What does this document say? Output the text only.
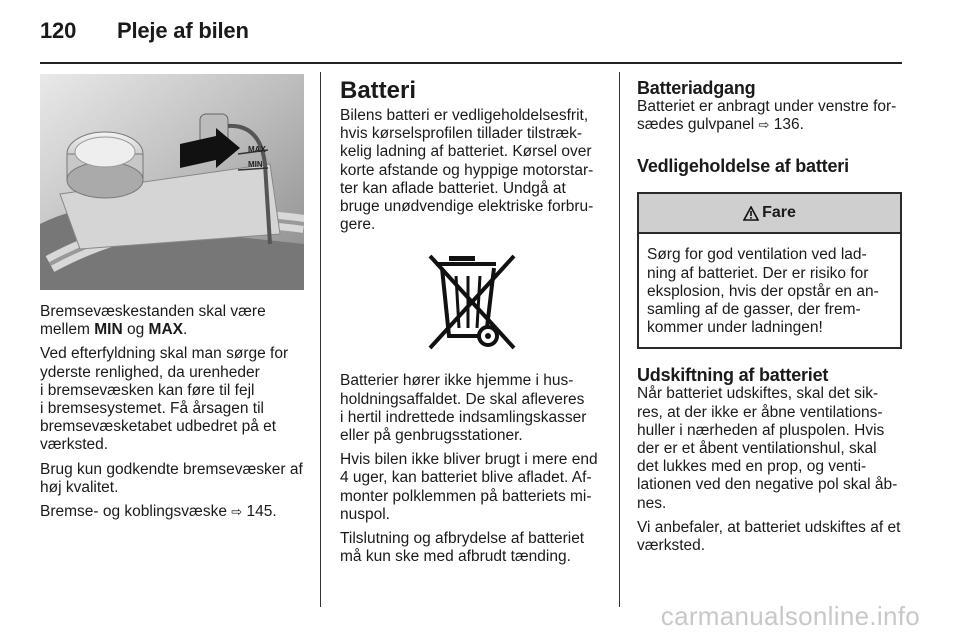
120 Pleje af bilen
MAX
MIN

Bremsevæskestanden skal være mellem MIN og MAX.

Ved efterfyldning skal man sørge for
yderste renlighed, da urenheder
i bremsevæsken kan føre til fejl
i bremsesystemet. Få årsagen til
bremsevæsketabet udbedret på et
værksted.

Brug kun godkendte bremsevæsker af høj kvalitet.

Bremse- og koblingsvæske ⇨ 145.

Batteri

Bilens batteri er vedligeholdelsesfrit, hvis kørselsprofilen tillader tilstræk-kelig ladning af batteriet. Kørsel over korte afstande og hyppige motorstar-ter kan aflade batteriet. Undgå at bruge unødvendige elektriske forbru-gere.

Batterier hører ikke hjemme i hus-
holdningsaffaldet. De skal afleveres
i hertil indrettede indsamlingskasser
eller på genbrugsstationer.

Hvis bilen ikke bliver brugt i mere end 4 uger, kan batteriet blive afladet. Af-monter polklemmen på batteriets mi-nuspol.

Tilslutning og afbrydelse af batteriet må kun ske med afbrudt tænding.

Batteriadgang

Batteriet er anbragt under venstre for-sædes gulvpanel ⇨ 136.

Vedligeholdelse af batteri
Fare
Sørg for god ventilation ved lad-ning af batteriet. Der er risiko for eksplosion, hvis der opstår en an-samling af de gasser, der frem-kommer under ladningen!
Udskiftning af batteriet

Når batteriet udskiftes, skal det sik-res, at der ikke er åbne ventilations-huller i nærheden af pluspolen. Hvis der er et åbent ventilationshul, skal det lukkes med en prop, og venti-lationen ved den negative pol skal åb-nes.

Vi anbefaler, at batteriet udskiftes af et værksted.

carmanualsonline.info
